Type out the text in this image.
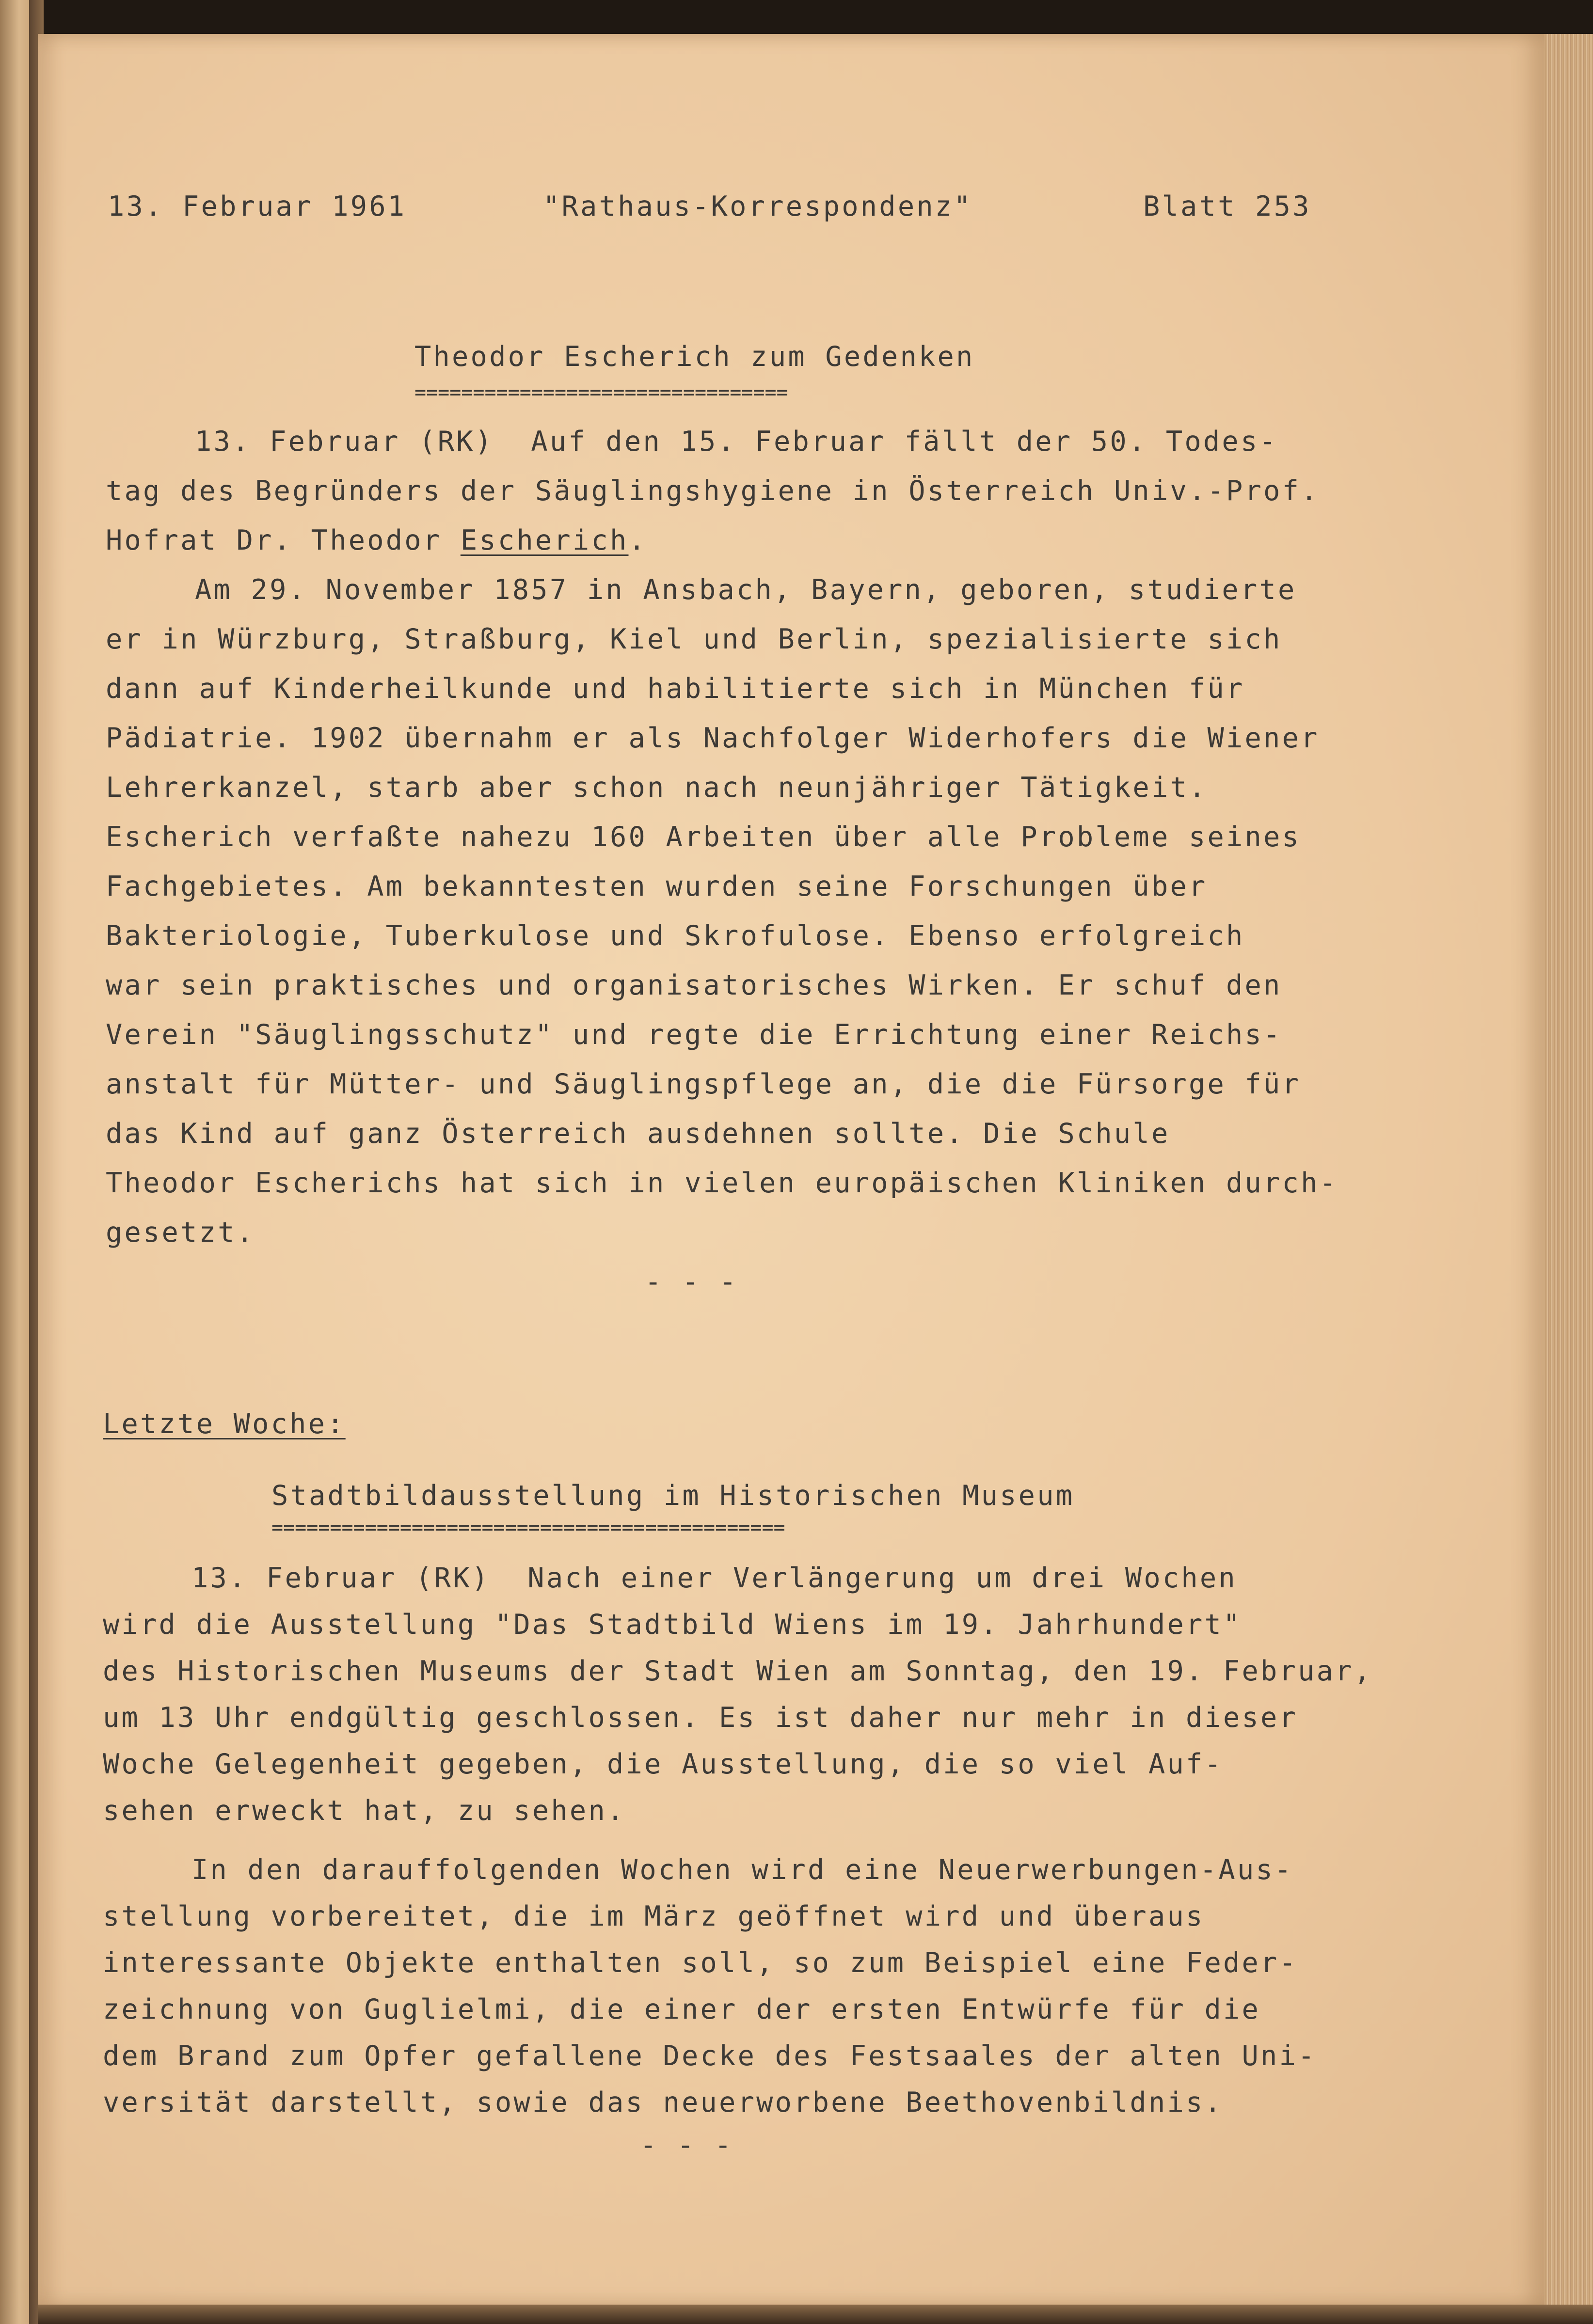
13. Februar 1961	"Rathaus-Korrespondenz"	Blatt 253

Theodor Escherich zum Gedenken

================================

13. Februar (RK)  Auf den 15. Februar fällt der 50. Todes-

tag des Begründers der Säuglingshygiene in Österreich Univ.-Prof.

Hofrat Dr. Theodor Escherich.

Am 29. November 1857 in Ansbach, Bayern, geboren, studierte

er in Würzburg, Straßburg, Kiel und Berlin, spezialisierte sich

dann auf Kinderheilkunde und habilitierte sich in München für

Pädiatrie. 1902 übernahm er als Nachfolger Widerhofers die Wiener

Lehrerkanzel, starb aber schon nach neunjähriger Tätigkeit.

Escherich verfaßte nahezu 160 Arbeiten über alle Probleme seines

Fachgebietes. Am bekanntesten wurden seine Forschungen über

Bakteriologie, Tuberkulose und Skrofulose. Ebenso erfolgreich

war sein praktisches und organisatorisches Wirken. Er schuf den

Verein "Säuglingsschutz" und regte die Errichtung einer Reichs-

anstalt für Mütter- und Säuglingspflege an, die die Fürsorge für

das Kind auf ganz Österreich ausdehnen sollte. Die Schule

Theodor Escherichs hat sich in vielen europäischen Kliniken durch-

gesetzt.

- - -

Letzte Woche:

Stadtbildausstellung im Historischen Museum

============================================

13. Februar (RK)  Nach einer Verlängerung um drei Wochen

wird die Ausstellung "Das Stadtbild Wiens im 19. Jahrhundert"

des Historischen Museums der Stadt Wien am Sonntag, den 19. Februar,

um 13 Uhr endgültig geschlossen. Es ist daher nur mehr in dieser

Woche Gelegenheit gegeben, die Ausstellung, die so viel Auf-

sehen erweckt hat, zu sehen.

In den darauffolgenden Wochen wird eine Neuerwerbungen-Aus-

stellung vorbereitet, die im März geöffnet wird und überaus

interessante Objekte enthalten soll, so zum Beispiel eine Feder-

zeichnung von Guglielmi, die einer der ersten Entwürfe für die

dem Brand zum Opfer gefallene Decke des Festsaales der alten Uni-

versität darstellt, sowie das neuerworbene Beethovenbildnis.

- - -
